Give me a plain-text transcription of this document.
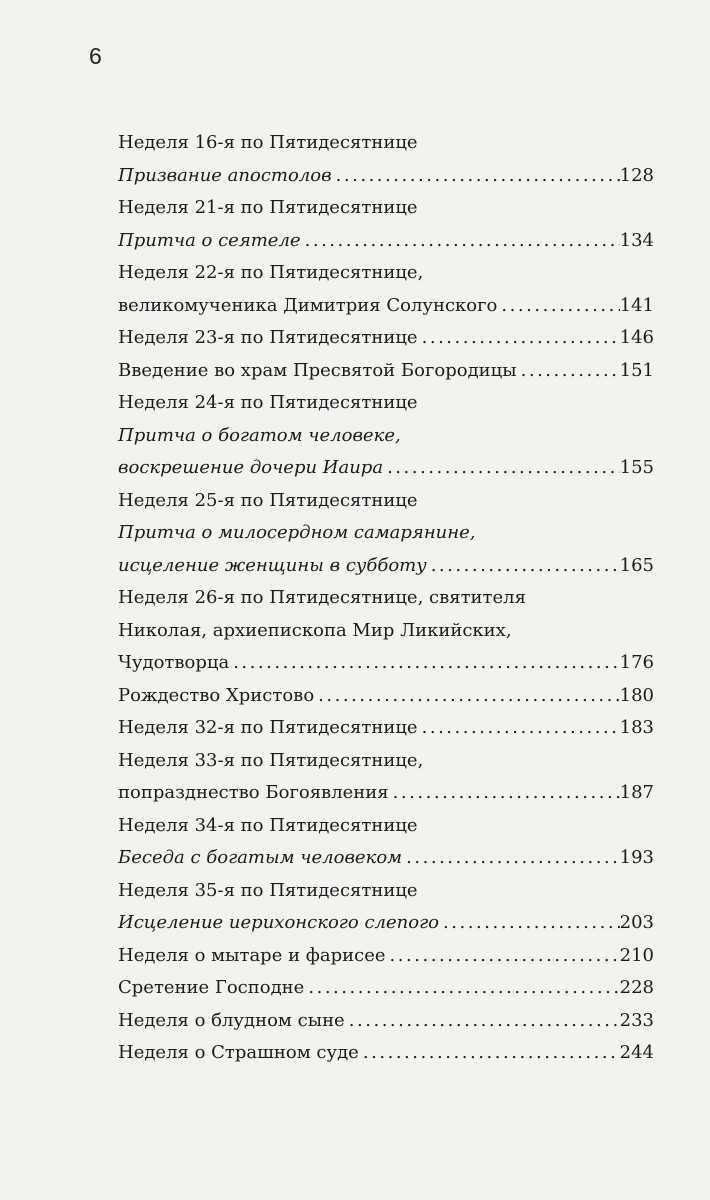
6
Неделя 16-я по Пятидесятнице
Призвание апостолов . . .	128
Неделя 21-я по Пятидесятнице
Притча о сеятеле . . .	134
Неделя 22-я по Пятидесятнице,
великомученика Димитрия Солунского . . .	141
Неделя 23-я по Пятидесятнице . . .	146
Введение во храм Пресвятой Богородицы . . .	151
Неделя 24-я по Пятидесятнице
Притча о богатом человеке,
воскрешение дочери Иаира . . .	155
Неделя 25-я по Пятидесятнице
Притча о милосердном самарянине,
исцеление женщины в субботу . . .	165
Неделя 26-я по Пятидесятнице, святителя
Николая, архиепископа Мир Ликийских,
Чудотворца . . .	176
Рождество Христово . . .	180
Неделя 32-я по Пятидесятнице . . .	183
Неделя 33-я по Пятидесятнице,
попразднество Богоявления . . .	187
Неделя 34-я по Пятидесятнице
Беседа с богатым человеком . . .	193
Неделя 35-я по Пятидесятнице
Исцеление иерихонского слепого . . .	203
Неделя о мытаре и фарисее . . .	210
Сретение Господне . . .	228
Неделя о блудном сыне . . .	233
Неделя о Страшном суде . . .	244
